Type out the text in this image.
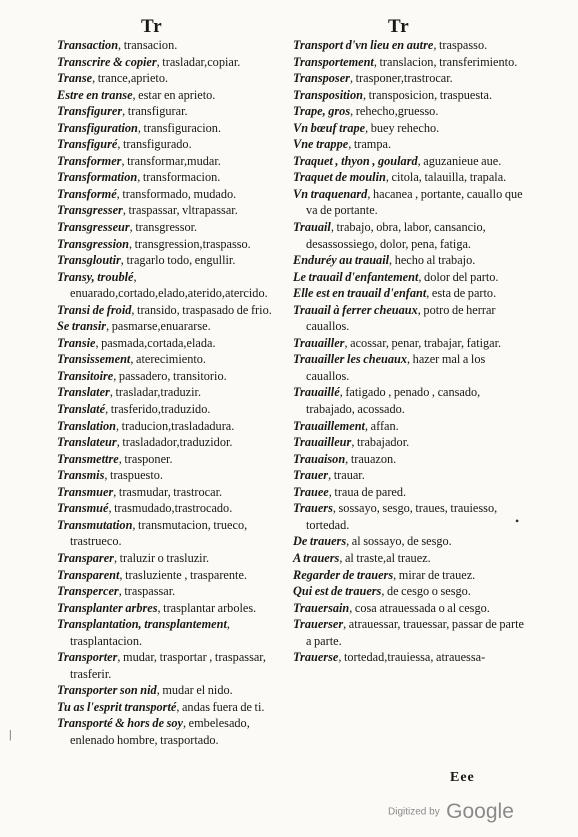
Tr	Tr
Transaction, transacion.
Transcrire & copier, trasladar,copiar.
Transe, trance,aprieto.
Estre en transe, estar en aprieto.
Transfigurer, transfigurar.
Transfiguration, transfiguracion.
Transfiguré, transfigurado.
Transformer, transformar,mudar.
Transformation, transformacion.
Transformé, transformado, mudado.
Transgresser, traspassar, vltrapassar.
Transgresseur, transgressor.
Transgression, transgression,traspasso.
Transgloutir, tragarlo todo, engullir.
Transy, troublé, enuarado,cortado,elado,aterido,atercido.
Transi de froid, transido, traspasado de frio.
Se transir, pasmarse,enuararse.
Transie, pasmada,cortada,elada.
Transissement, aterecimiento.
Transitoire, passadero, transitorio.
Translater, trasladar,traduzir.
Translaté, trasferido,traduzido.
Translation, traducion,trasladadura.
Translateur, trasladador,traduzidor.
Transmettre, trasponer.
Transmis, traspuesto.
Transmuer, trasmudar, trastrocar.
Transmué, trasmudado,trastrocado.
Transmutation, transmutacion, trueco, trastrueco.
Transparer, traluzir o trasluzir.
Transparent, trasluziente , trasparente.
Transpercer, traspassar.
Transplanter arbres, trasplantar arboles.
Transplantation, transplantement, trasplantacion.
Transporter, mudar, trasportar , traspassar, trasferir.
Transporter son nid, mudar el nido.
Tu as l'esprit transporté, andas fuera de ti.
Transporté & hors de soy, embelesado, enlenado hombre, trasportado.
Transport d'vn lieu en autre, traspasso.
Transportement, translacion, transferimiento.
Transposer, trasponer,trastrocar.
Transposition, transposicion, traspuesta.
Trape, gros, rehecho,gruesso.
Vn bœuf trape, buey rehecho.
Vne trappe, trampa.
Traquet , thyon , goulard, aguzanieue aue.
Traquet de moulin, citola, talauilla, trapala.
Vn traquenard, hacanea , portante, cauallo que va de portante.
Trauail, trabajo, obra, labor, cansancio, desassossiego, dolor, pena, fatiga.
Enduréy au trauail, hecho al trabajo.
Le trauail d'enfantement, dolor del parto.
Elle est en trauail d'enfant, esta de parto.
Trauail à ferrer cheuaux, potro de herrar cauallos.
Trauailler, acossar, penar, trabajar, fatigar.
Trauailler les cheuaux, hazer mal a los cauallos.
Trauaillé, fatigado , penado , cansado, trabajado, acossado.
Trauaillement, affan.
Trauailleur, trabajador.
Trauaison, trauazon.
Trauer, trauar.
Trauee, traua de pared.
Trauers, sossayo, sesgo, traues, trauiesso, tortedad.
De trauers, al sossayo, de sesgo.
A trauers, al traste,al trauez.
Regarder de trauers, mirar de trauez.
Qui est de trauers, de cesgo o sesgo.
Trauersain, cosa atrauessada o al cesgo.
Trauerser, atrauessar, trauessar, passar de parte a parte.
Trauerse, tortedad,trauiessa, atrauessa-
•
|
Eee
Digitized by Google
